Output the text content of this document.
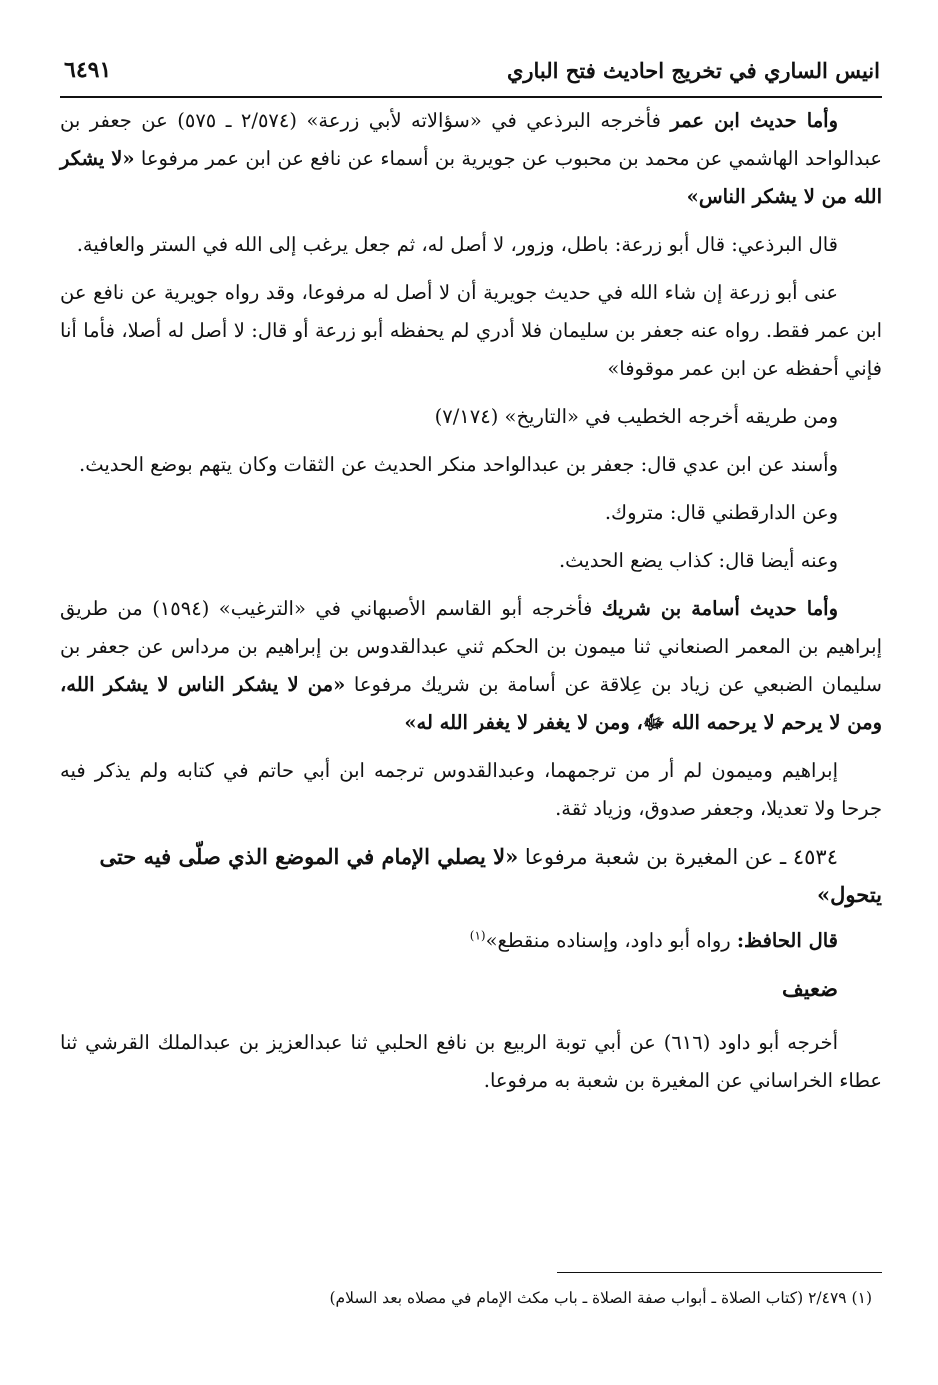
انيس الساري في تخريج احاديث فتح الباري
٦٤٩١

وأما حديث ابن عمر فأخرجه البرذعي في «سؤالاته لأبي زرعة» (٢/٥٧٤ ـ ٥٧٥) عن جعفر بن عبدالواحد الهاشمي عن محمد بن محبوب عن جويرية بن أسماء عن نافع عن ابن عمر مرفوعا «لا يشكر الله من لا يشكر الناس»

قال البرذعي: قال أبو زرعة: باطل، وزور، لا أصل له، ثم جعل يرغب إلى الله في الستر والعافية.

عنى أبو زرعة إن شاء الله في حديث جويرية أن لا أصل له مرفوعا، وقد رواه جويرية عن نافع عن ابن عمر فقط. رواه عنه جعفر بن سليمان فلا أدري لم يحفظه أبو زرعة أو قال: لا أصل له أصلا، فأما أنا فإني أحفظه عن ابن عمر موقوفا»

ومن طريقه أخرجه الخطيب في «التاريخ» (٧/١٧٤)

وأسند عن ابن عدي قال: جعفر بن عبدالواحد منكر الحديث عن الثقات وكان يتهم بوضع الحديث.

وعن الدارقطني قال: متروك.

وعنه أيضا قال: كذاب يضع الحديث.

وأما حديث أسامة بن شريك فأخرجه أبو القاسم الأصبهاني في «الترغيب» (١٥٩٤) من طريق إبراهيم بن المعمر الصنعاني ثنا ميمون بن الحكم ثني عبدالقدوس بن إبراهيم بن مرداس عن جعفر بن سليمان الضبعي عن زياد بن عِلاقة عن أسامة بن شريك مرفوعا «من لا يشكر الناس لا يشكر الله، ومن لا يرحم لا يرحمه الله ﷻ، ومن لا يغفر لا يغفر الله له»

إبراهيم وميمون لم أر من ترجمهما، وعبدالقدوس ترجمه ابن أبي حاتم في كتابه ولم يذكر فيه جرحا ولا تعديلا، وجعفر صدوق، وزياد ثقة.

٤٥٣٤ ـ عن المغيرة بن شعبة مرفوعا «لا يصلي الإمام في الموضع الذي صلّى فيه حتى يتحول»

قال الحافظ: رواه أبو داود، وإسناده منقطع»$^{(١)}$

ضعيف

أخرجه أبو داود (٦١٦) عن أبي توبة الربيع بن نافع الحلبي ثنا عبدالعزيز بن عبدالملك القرشي ثنا عطاء الخراساني عن المغيرة بن شعبة به مرفوعا.

(١) ٢/٤٧٩ (كتاب الصلاة ـ أبواب صفة الصلاة ـ باب مكث الإمام في مصلاه بعد السلام)
